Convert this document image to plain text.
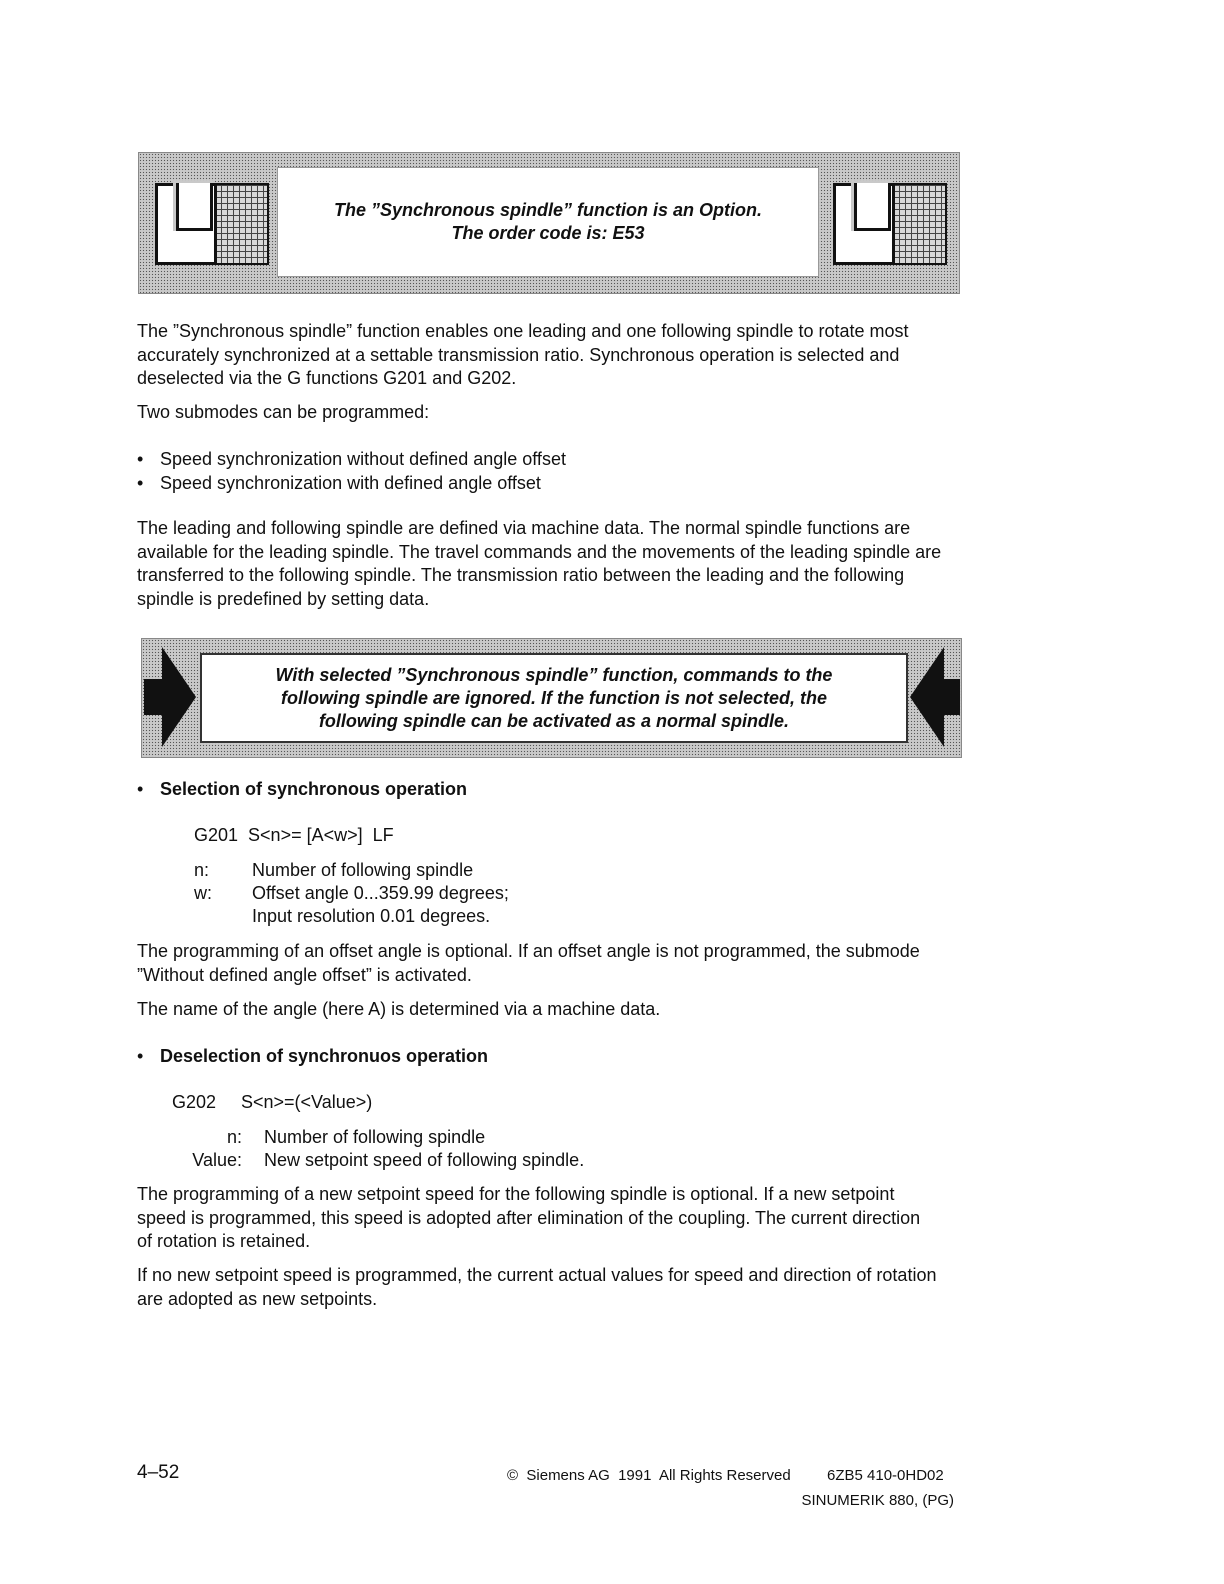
The ”Synchronous spindle” function is an Option.
The order code is: E53

The ”Synchronous spindle” function enables one leading and one following spindle to rotate most accurately synchronized at a settable transmission ratio. Synchronous operation is selected and deselected via the G functions G201 and G202.

Two submodes can be programmed:

• Speed synchronization without defined angle offset
• Speed synchronization with defined angle offset

The leading and following spindle are defined via machine data. The normal spindle functions are available for the leading spindle. The travel commands and the movements of the leading spindle are transferred to the following spindle. The transmission ratio between the leading and the following spindle is predefined by setting data.

With selected ”Synchronous spindle” function, commands to the
following spindle are ignored. If the function is not selected, the
following spindle can be activated as a normal spindle.
• Selection of synchronous operation
G201  S<n>= [A<w>]  LF
n: Number of following spindle
w: Offset angle 0...359.99 degrees;
Input resolution 0.01 degrees.

The programming of an offset angle is optional. If an offset angle is not programmed, the submode ”Without defined angle offset” is activated.

The name of the angle (here A) is determined via a machine data.

• Deselection of synchronuos operation
G202 S<n>=(<Value>)
n: Number of following spindle
Value: New setpoint speed of following spindle.

The programming of a new setpoint speed for the following spindle is optional. If a new setpoint speed is programmed, this speed is adopted after elimination of the coupling. The current direction of rotation is retained.

If no new setpoint speed is programmed, the current actual values for speed and direction of rotation are adopted as new setpoints.

4–52	©  Siemens AG  1991  All Rights Reserved 6ZB5 410-0HD02
SINUMERIK 880, (PG)
